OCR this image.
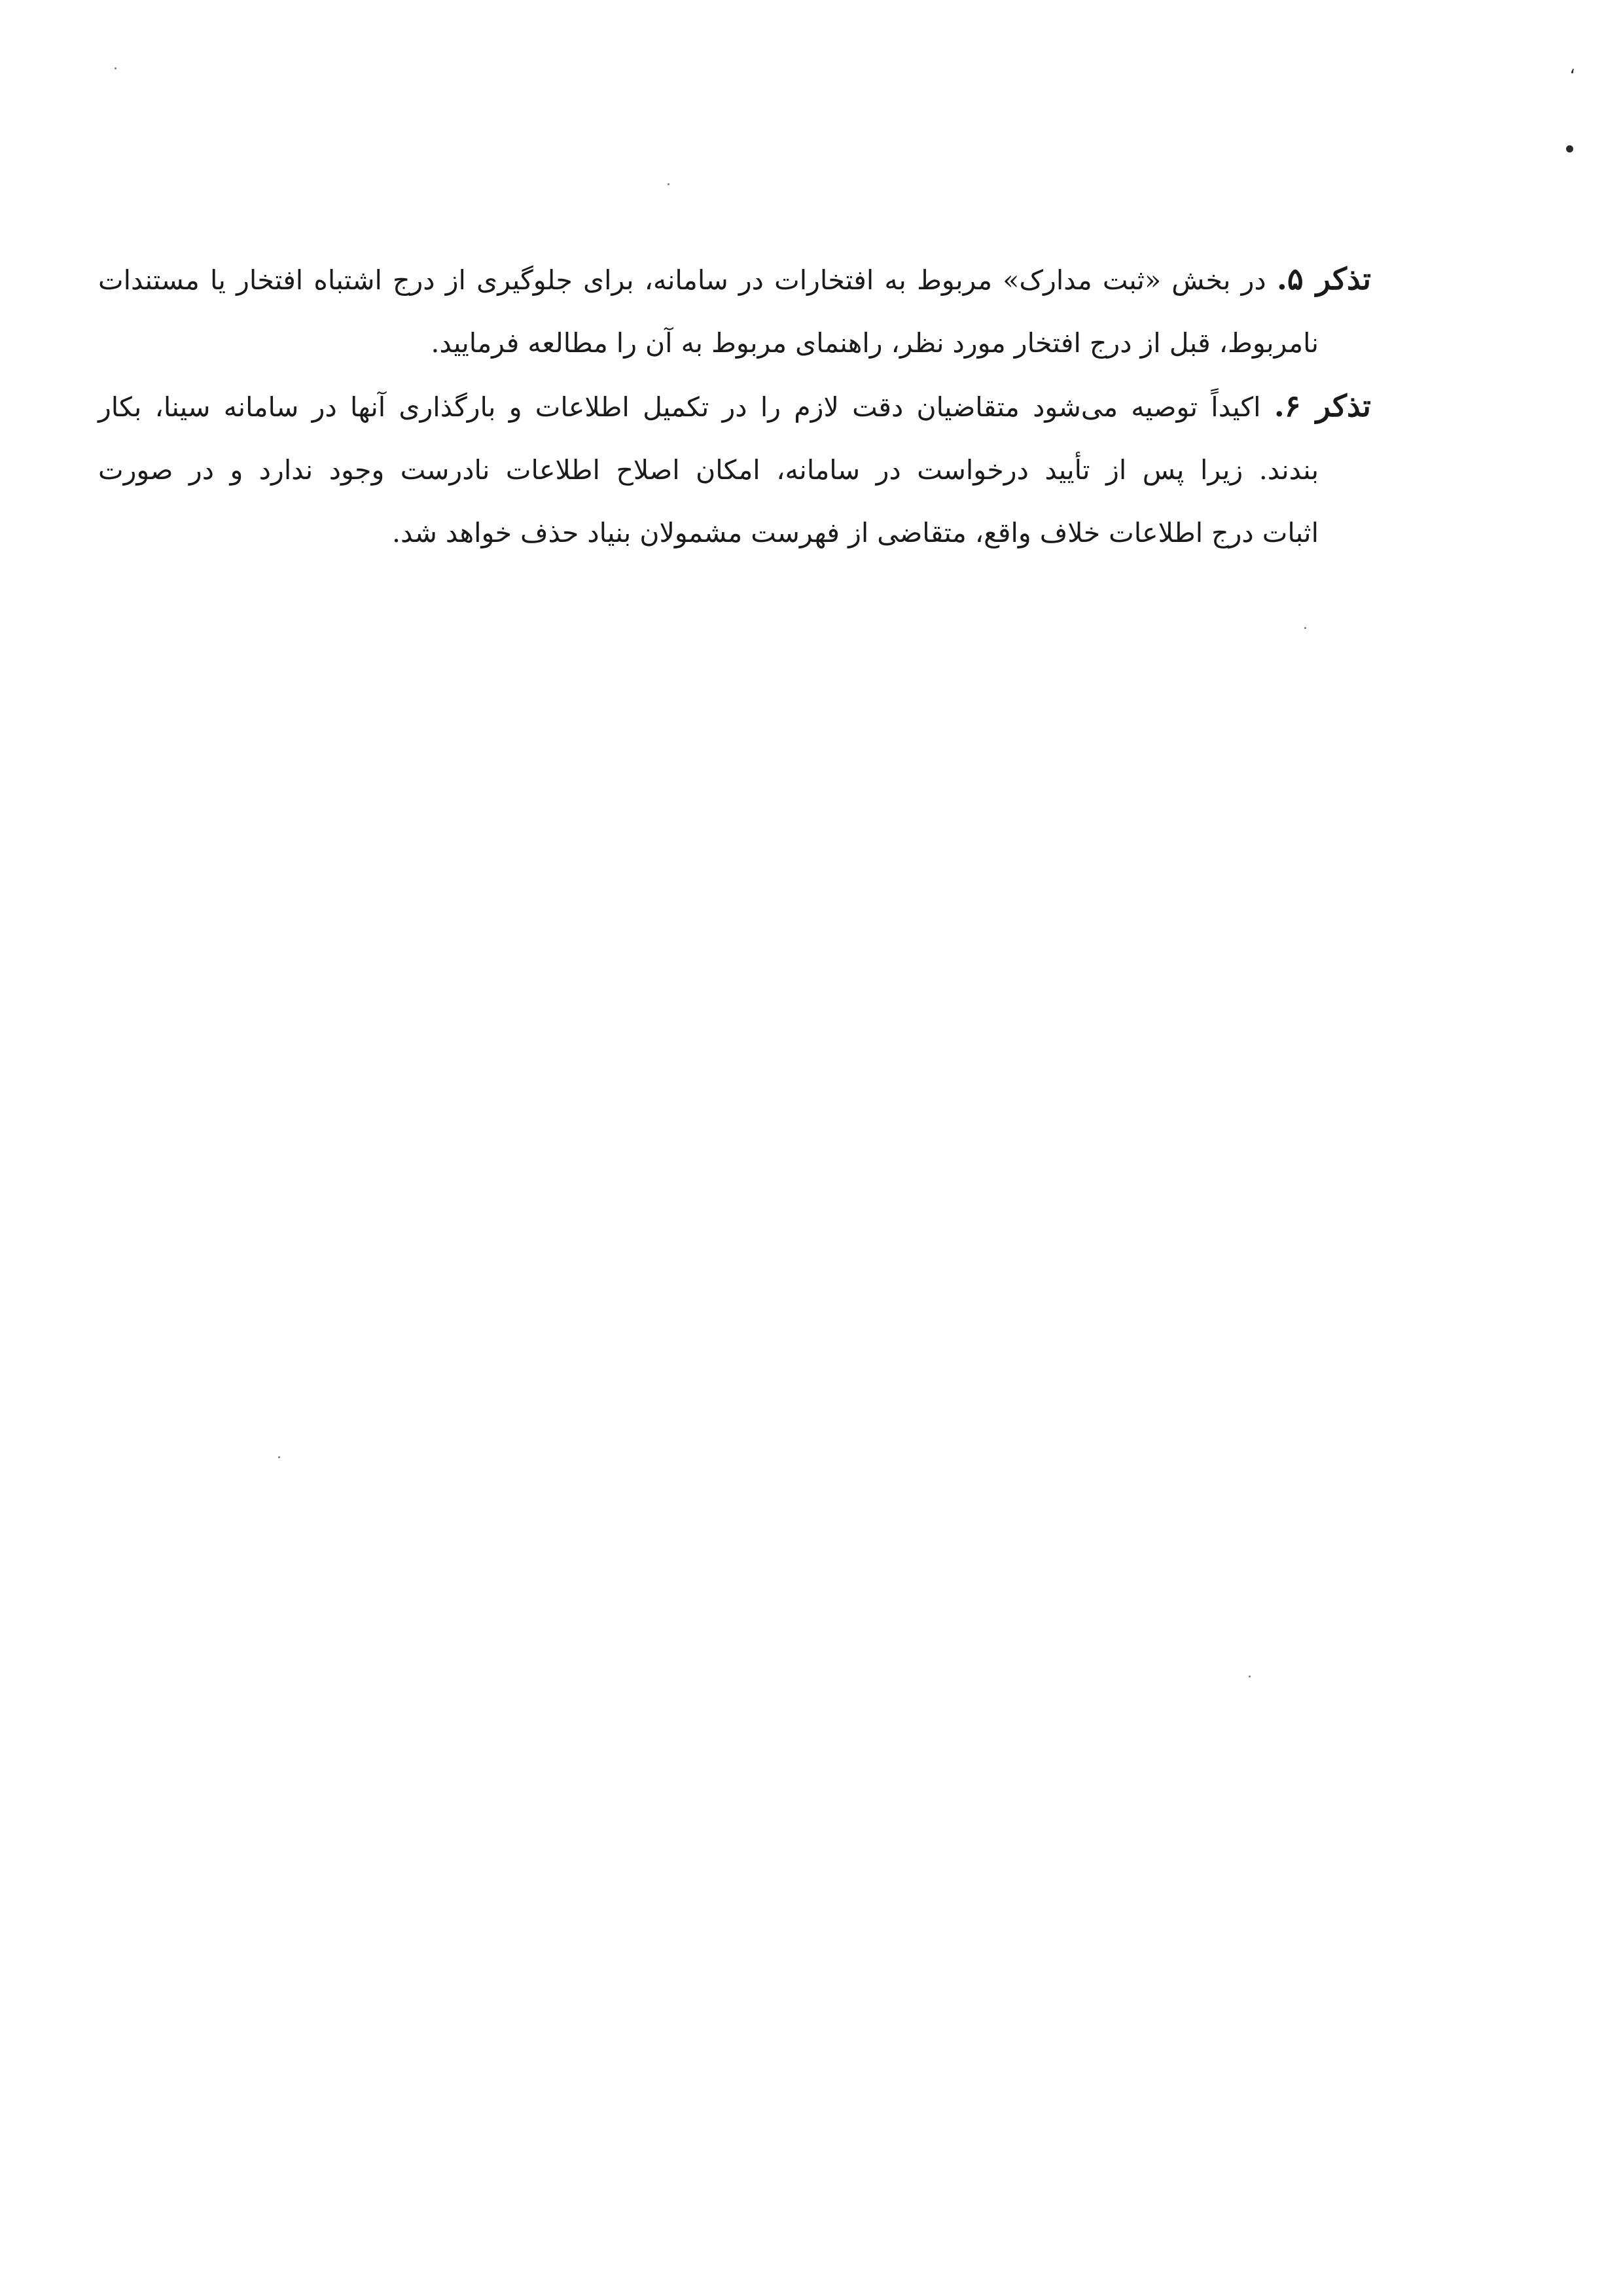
،

تذکر ۵. در بخش «ثبت مدارک» مربوط به افتخارات در سامانه، برای جلوگیری از درج اشتباه افتخار یا مستندات
نامربوط، قبل از درج افتخار مورد نظر، راهنمای مربوط به آن را مطالعه فرمایید.

تذکر ۶. اکیداً توصیه می‌شود متقاضیان دقت لازم را در تکمیل اطلاعات و بارگذاری آنها در سامانه سینا، بکار
بندند. زیرا پس از تأیید درخواست در سامانه، امکان اصلاح اطلاعات نادرست وجود ندارد و در صورت
اثبات درج اطلاعات خلاف واقع، متقاضی از فهرست مشمولان بنیاد حذف خواهد شد.
